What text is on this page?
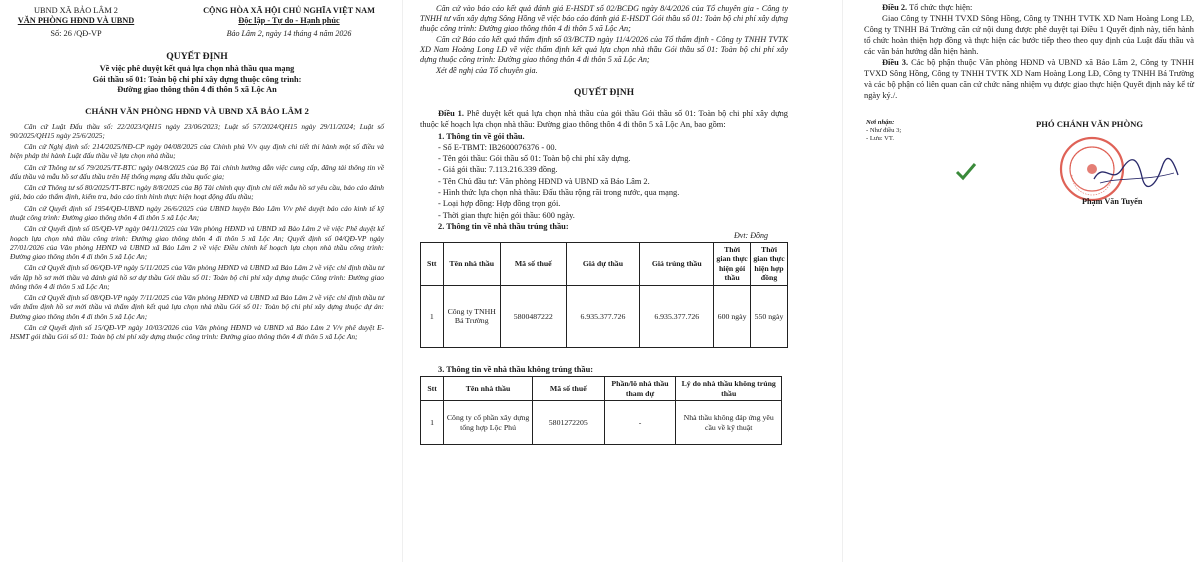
UBND XÃ BẢO LÂM 2
VĂN PHÒNG HĐND VÀ UBND
Số: 26 /QĐ-VP
CỘNG HÒA XÃ HỘI CHỦ NGHĨA VIỆT NAM
Độc lập - Tự do - Hạnh phúc
Bảo Lâm 2, ngày 14 tháng 4 năm 2026
QUYẾT ĐỊNH
Về việc phê duyệt kết quả lựa chọn nhà thầu qua mạng
Gói thầu số 01: Toàn bộ chi phí xây dựng thuộc công trình:
Đường giao thông thôn 4 đi thôn 5 xã Lộc An
CHÁNH VĂN PHÒNG HĐND VÀ UBND XÃ BẢO LÂM 2

Căn cứ Luật Đấu thầu số: 22/2023/QH15 ngày 23/06/2023; Luật số 57/2024/QH15 ngày 29/11/2024; Luật số 90/2025/QH15 ngày 25/6/2025;

Căn cứ Nghị định số: 214/2025/NĐ-CP ngày 04/08/2025 của Chính phủ V/v quy định chi tiết thi hành một số điều và biện pháp thi hành Luật đấu thầu về lựa chọn nhà thầu;

Căn cứ Thông tư số 79/2025/TT-BTC ngày 04/8/2025 của Bộ Tài chính hướng dẫn việc cung cấp, đăng tải thông tin về đấu thầu và mẫu hồ sơ đấu thầu trên Hệ thống mạng đấu thầu quốc gia;

Căn cứ Thông tư số 80/2025/TT-BTC ngày 8/8/2025 của Bộ Tài chính quy định chi tiết mẫu hồ sơ yêu cầu, báo cáo đánh giá, báo cáo thẩm định, kiểm tra, báo cáo tình hình thực hiện hoạt động đấu thầu;

Căn cứ Quyết định số 1954/QĐ-UBND ngày 26/6/2025 của UBND huyện Bảo Lâm V/v phê duyệt báo cáo kinh tế kỹ thuật công trình: Đường giao thông thôn 4 đi thôn 5 xã Lộc An;

Căn cứ Quyết định số 05/QĐ-VP ngày 04/11/2025 của Văn phòng HĐND và UBND xã Bảo Lâm 2 về việc Phê duyệt kế hoạch lựa chọn nhà thầu công trình: Đường giao thông thôn 4 đi thôn 5 xã Lộc An; Quyết định số 04/QĐ-VP ngày 27/01/2026 của Văn phòng HĐND và UBND xã Bảo Lâm 2 về việc Điều chỉnh kế hoạch lựa chọn nhà thầu công trình: Đường giao thông thôn 4 đi thôn 5 xã Lộc An;

Căn cứ Quyết định số 06/QĐ-VP ngày 5/11/2025 của Văn phòng HĐND và UBND xã Bảo Lâm 2 về việc chỉ định thầu tư vấn lập hồ sơ mời thầu và đánh giá hồ sơ dự thầu Gói thầu số 01: Toàn bộ chi phí xây dựng thuộc Công trình: Đường giao thông thôn 4 đi thôn 5 xã Lộc An;

Căn cứ Quyết định số 08/QĐ-VP ngày 7/11/2025 của Văn phòng HĐND và UBND xã Bảo Lâm 2 về việc chỉ định thầu tư vấn thẩm định hồ sơ mời thầu và thẩm định kết quả lựa chọn nhà thầu Gói số 01: Toàn bộ chi phí xây dựng thuộc dự án: Đường giao thông thôn 4 đi thôn 5 xã Lộc An;

Căn cứ Quyết định số 15/QĐ-VP ngày 10/03/2026 của Văn phòng HĐND và UBND xã Bảo Lâm 2 V/v phê duyệt E-HSMT gói thầu Gói số 01: Toàn bộ chi phí xây dựng thuộc công trình: Đường giao thông thôn 4 đi thôn 5 xã Lộc An;

Căn cứ vào báo cáo kết quả đánh giá E-HSDT số 02/BCĐG ngày 8/4/2026 của Tổ chuyên gia - Công ty TNHH tư vấn xây dựng Sông Hồng về việc báo cáo đánh giá E-HSDT Gói thầu số 01: Toàn bộ chi phí xây dựng thuộc công trình: Đường giao thông thôn 4 đi thôn 5 xã Lộc An;

Căn cứ Báo cáo kết quả thẩm định số 03/BCTĐ ngày 11/4/2026 của Tổ thẩm định - Công ty TNHH TVTK XD Nam Hoàng Long LĐ về việc thẩm định kết quả lựa chọn nhà thầu Gói thầu số 01: Toàn bộ chi phí xây dựng thuộc công trình: Đường giao thông thôn 4 đi thôn 5 xã Lộc An;

Xét đề nghị của Tổ chuyên gia.

QUYẾT ĐỊNH
Điều 1. Phê duyệt kết quả lựa chọn nhà thầu của gói thầu Gói thầu số 01: Toàn bộ chi phí xây dựng thuộc kế hoạch lựa chọn nhà thầu: Đường giao thông thôn 4 đi thôn 5 xã Lộc An, bao gồm:
1. Thông tin về gói thầu.
- Số E-TBMT: IB2600076376 - 00.
- Tên gói thầu: Gói thầu số 01: Toàn bộ chi phí xây dựng.
- Giá gói thầu: 7.113.216.339 đồng.
- Tên Chủ đầu tư: Văn phòng HĐND và UBND xã Bảo Lâm 2.
- Hình thức lựa chọn nhà thầu: Đấu thầu rộng rãi trong nước, qua mạng.
- Loại hợp đồng: Hợp đồng trọn gói.
- Thời gian thực hiện gói thầu: 600 ngày.
2. Thông tin về nhà thầu trúng thầu:
Đvt: Đồng
Stt	Tên nhà thầu	Mã số thuế	Giá dự thầu	Giá trúng thầu	Thời gian thực hiện gói thầu	Thời gian thực hiện hợp đồng
1	Công ty TNHH Bá Trường	5800487222	6.935.377.726	6.935.377.726	600 ngày	550 ngày
3. Thông tin về nhà thầu không trúng thầu:
Stt	Tên nhà thầu	Mã số thuế	Phần/lô nhà thầu tham dự	Lý do nhà thầu không trúng thầu
1	Công ty cổ phần xây dựng tổng hợp Lộc Phú	5801272205	-	Nhà thầu không đáp ứng yêu cầu về kỹ thuật

Điều 2. Tổ chức thực hiện:

Giao Công ty TNHH TVXD Sông Hồng, Công ty TNHH TVTK XD Nam Hoàng Long LĐ, Công ty TNHH Bá Trường căn cứ nội dung được phê duyệt tại Điều 1 Quyết định này, tiến hành tổ chức hoàn thiện hợp đồng và thực hiện các bước tiếp theo theo quy định của Luật đấu thầu và các văn bản hướng dẫn hiện hành.

Điều 3. Các bộ phận thuộc Văn phòng HĐND và UBND xã Bảo Lâm 2, Công ty TNHH TVXD Sông Hồng, Công ty TNHH TVTK XD Nam Hoàng Long LĐ, Công ty TNHH Bá Trường và các bộ phận có liên quan căn cứ chức năng nhiệm vụ được giao thực hiện Quyết định này kể từ ngày ký./.

Nơi nhận:
- Như điều 3;
- Lưu: VT.
PHÓ CHÁNH VĂN PHÒNG
Phạm Văn Tuyến
